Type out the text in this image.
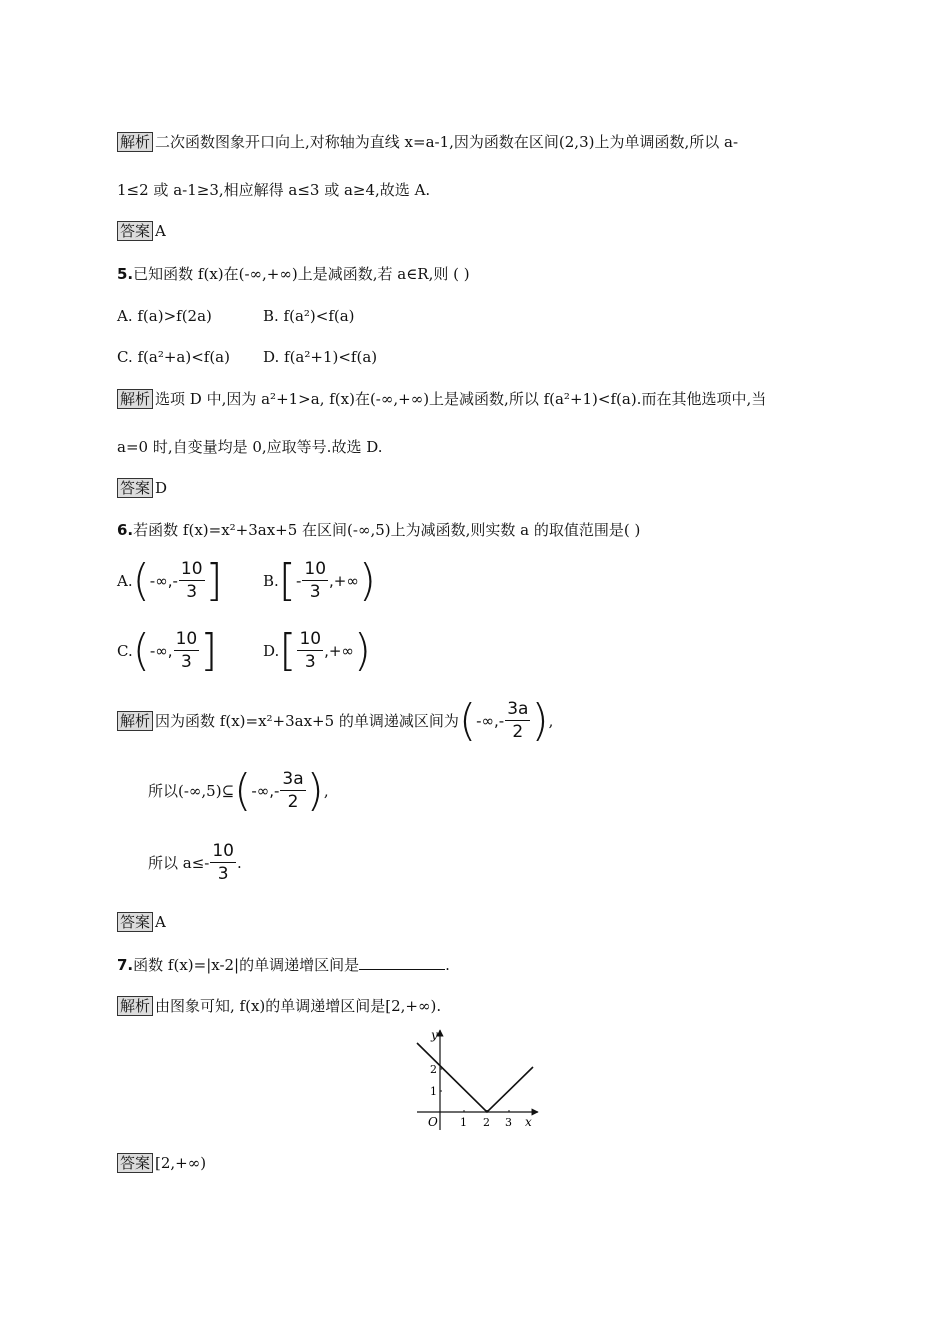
解析 二次函数图象开口向上,对称轴为直线 x=a-1,因为函数在区间(2,3)上为单调函数,所以 a-
1≤2 或 a-1≥3,相应解得 a≤3 或 a≥4,故选 A.
答案 A
5.已知函数 f(x)在(-∞,+∞)上是减函数,若 a∈R,则 ( )
A. f(a)>f(2a)	B. f(a²)<f(a)
C. f(a²+a)<f(a) D. f(a²+1)<f(a)
解析 选项 D 中,因为 a²+1>a, f(x)在(-∞,+∞)上是减函数,所以 f(a²+1)<f(a).而在其他选项中,当
a=0 时,自变量均是 0,应取等号.故选 D.
答案 D
6.若函数 f(x)=x²+3ax+5 在区间(-∞,5)上为减函数,则实数 a 的取值范围是( )
A. ( -∞,- $\frac{10}{3}$ ]	B. [ - $\frac{10}{3}$ ,+∞ )
C. ( -∞, $\frac{10}{3}$ ]	D. [ $\frac{10}{3}$ ,+∞ )
解析 因为函数 f(x)=x²+3ax+5 的单调递减区间为 ( -∞,- $\frac{3a}{2}$ ) ,
所以(-∞,5)⊆ ( -∞,- $\frac{3a}{2}$ ) ,
所以 $a\le- \frac{10}{3}$ .
答案 A
7.函数 f(x)=|x-2|的单调递增区间是	.
解析 由图象可知, f(x)的单调递增区间是[2,+∞).
y
x
O 1 2 3
1
2
答案 [2,+∞)
